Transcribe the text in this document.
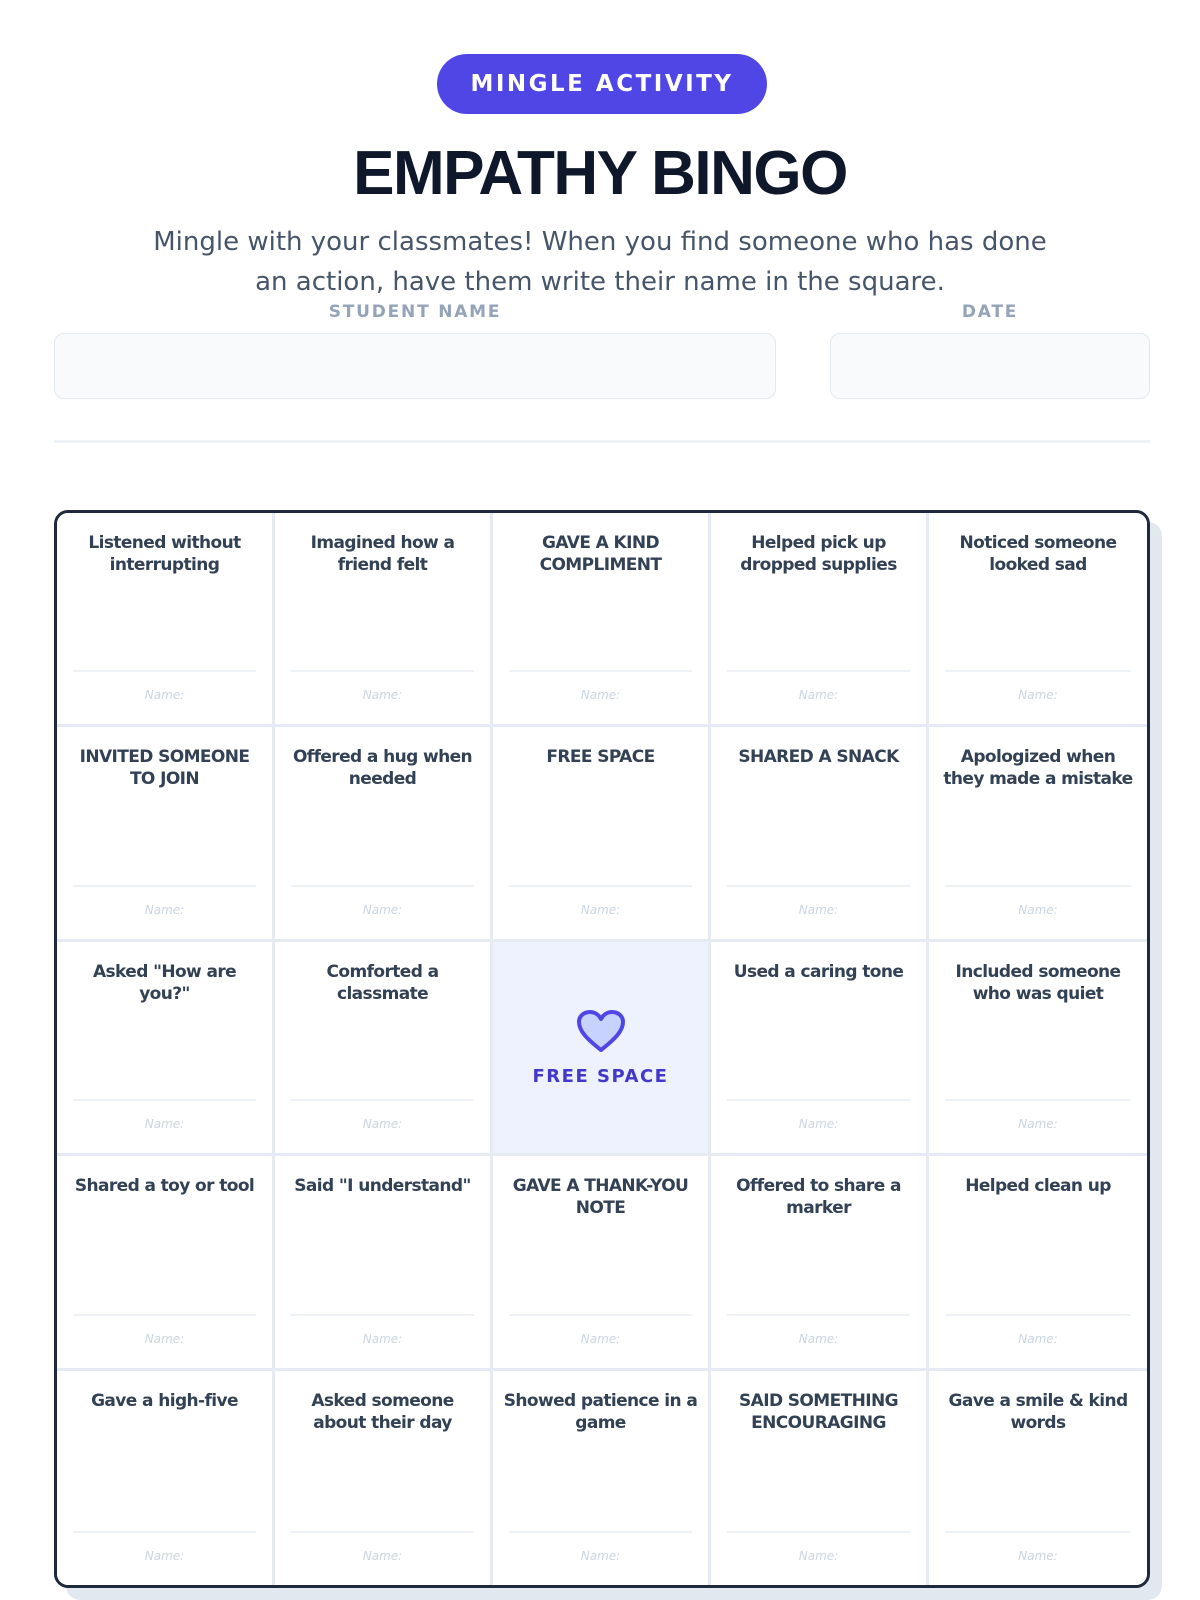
MINGLE ACTIVITY
EMPATHY BINGO
Mingle with your classmates! When you find someone who has done an action, have them write their name in the square.
STUDENT NAME	DATE
Listened without interrupting
Name:
Imagined how a friend felt
Name:
GAVE A KIND COMPLIMENT
Name:
Helped pick up dropped supplies
Name:
Noticed someone looked sad
Name:
INVITED SOMEONE TO JOIN
Name:
Offered a hug when needed
Name:
FREE SPACE
Name:
SHARED A SNACK
Name:
Apologized when they made a mistake
Name:
Asked "How are you?"
Name:
Comforted a classmate
Name:
FREE SPACE
Used a caring tone
Name:
Included someone who was quiet
Name:
Shared a toy or tool
Name:
Said "I understand"
Name:
GAVE A THANK-YOU NOTE
Name:
Offered to share a marker
Name:
Helped clean up
Name:
Gave a high-five
Name:
Asked someone about their day
Name:
Showed patience in a game
Name:
SAID SOMETHING ENCOURAGING
Name:
Gave a smile & kind words
Name:
